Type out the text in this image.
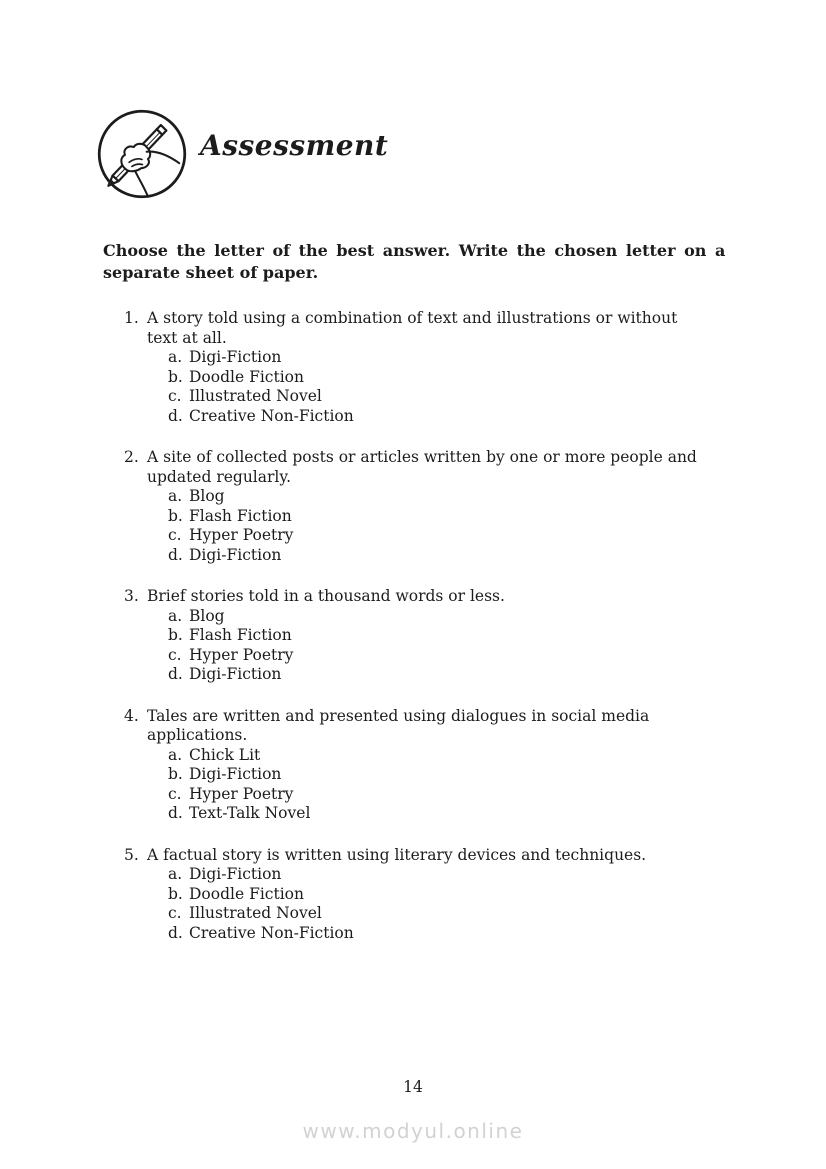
Assessment
Choose the letter of the best answer. Write the chosen letter on a
separate sheet of paper.
1. A story told using a combination of text and illustrations or without
text at all.
a. Digi-Fiction
b. Doodle Fiction
c. Illustrated Novel
d. Creative Non-Fiction
2. A site of collected posts or articles written by one or more people and
updated regularly.
a. Blog
b. Flash Fiction
c. Hyper Poetry
d. Digi-Fiction
3. Brief stories told in a thousand words or less.
a. Blog
b. Flash Fiction
c. Hyper Poetry
d. Digi-Fiction
4. Tales are written and presented using dialogues in social media
applications.
a. Chick Lit
b. Digi-Fiction
c. Hyper Poetry
d. Text-Talk Novel
5. A factual story is written using literary devices and techniques.
a. Digi-Fiction
b. Doodle Fiction
c. Illustrated Novel
d. Creative Non-Fiction
14
www.modyul.online
